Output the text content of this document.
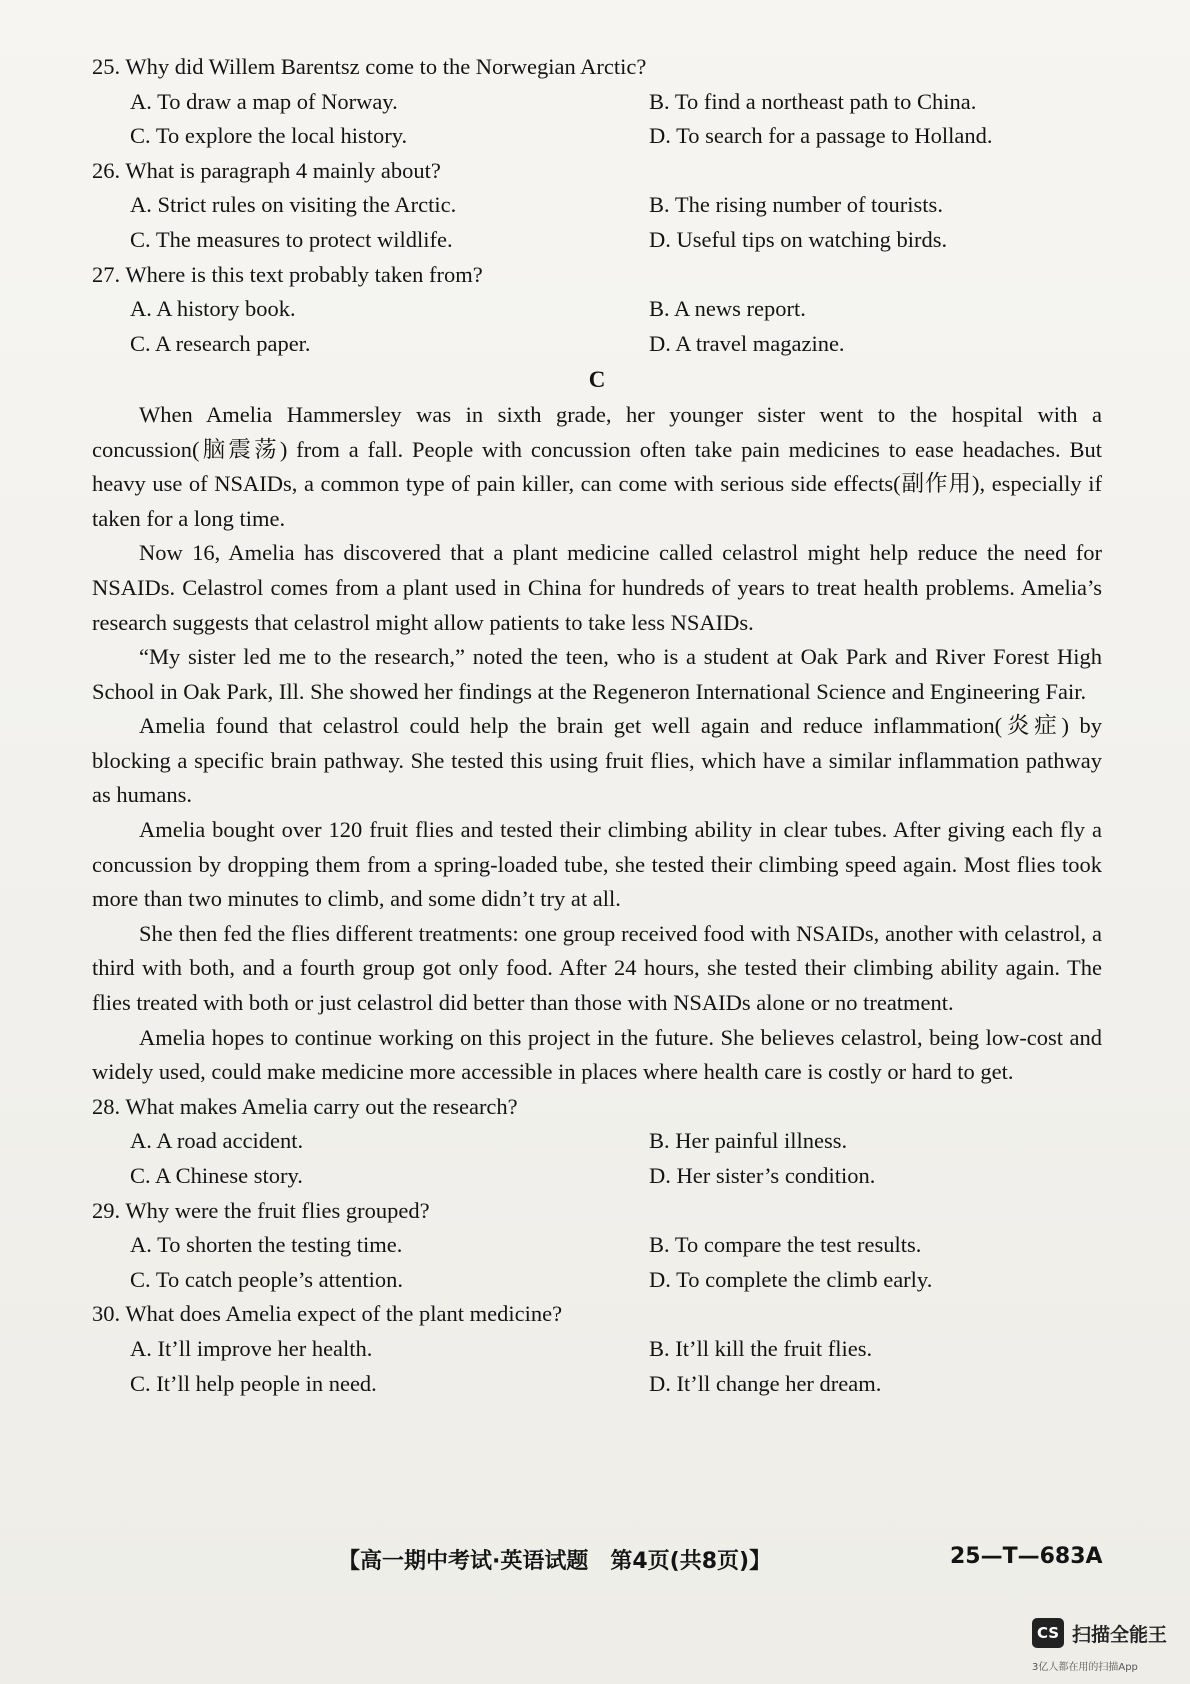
25. Why did Willem Barentsz come to the Norwegian Arctic?

A. To draw a map of Norway.	B. To find a northeast path to China.
C. To explore the local history.	D. To search for a passage to Holland.

26. What is paragraph 4 mainly about?

A. Strict rules on visiting the Arctic.	B. The rising number of tourists.
C. The measures to protect wildlife.	D. Useful tips on watching birds.

27. Where is this text probably taken from?

A. A history book.	B. A news report.
C. A research paper.	D. A travel magazine.

C

When Amelia Hammersley was in sixth grade, her younger sister went to the hospital with a concussion(脑震荡) from a fall. People with concussion often take pain medicines to ease headaches. But heavy use of NSAIDs, a common type of pain killer, can come with serious side effects(副作用), especially if taken for a long time.

Now 16, Amelia has discovered that a plant medicine called celastrol might help reduce the need for NSAIDs. Celastrol comes from a plant used in China for hundreds of years to treat health problems. Amelia’s research suggests that celastrol might allow patients to take less NSAIDs.

“My sister led me to the research,” noted the teen, who is a student at Oak Park and River Forest High School in Oak Park, Ill. She showed her findings at the Regeneron International Science and Engineering Fair.

Amelia found that celastrol could help the brain get well again and reduce inflammation(炎症) by blocking a specific brain pathway. She tested this using fruit flies, which have a similar inflammation pathway as humans.

Amelia bought over 120 fruit flies and tested their climbing ability in clear tubes. After giving each fly a concussion by dropping them from a spring-loaded tube, she tested their climbing speed again. Most flies took more than two minutes to climb, and some didn’t try at all.

She then fed the flies different treatments: one group received food with NSAIDs, another with celastrol, a third with both, and a fourth group got only food. After 24 hours, she tested their climbing ability again. The flies treated with both or just celastrol did better than those with NSAIDs alone or no treatment.

Amelia hopes to continue working on this project in the future. She believes celastrol, being low-cost and widely used, could make medicine more accessible in places where health care is costly or hard to get.

28. What makes Amelia carry out the research?

A. A road accident.	B. Her painful illness.
C. A Chinese story.	D. Her sister’s condition.

29. Why were the fruit flies grouped?

A. To shorten the testing time.	B. To compare the test results.
C. To catch people’s attention.	D. To complete the climb early.

30. What does Amelia expect of the plant medicine?

A. It’ll improve her health.	B. It’ll kill the fruit flies.
C. It’ll help people in need.	D. It’ll change her dream.
【高一期中考试·英语试题　第4页(共8页)】	25—T—683A
CS 扫描全能王
3亿人都在用的扫描App
